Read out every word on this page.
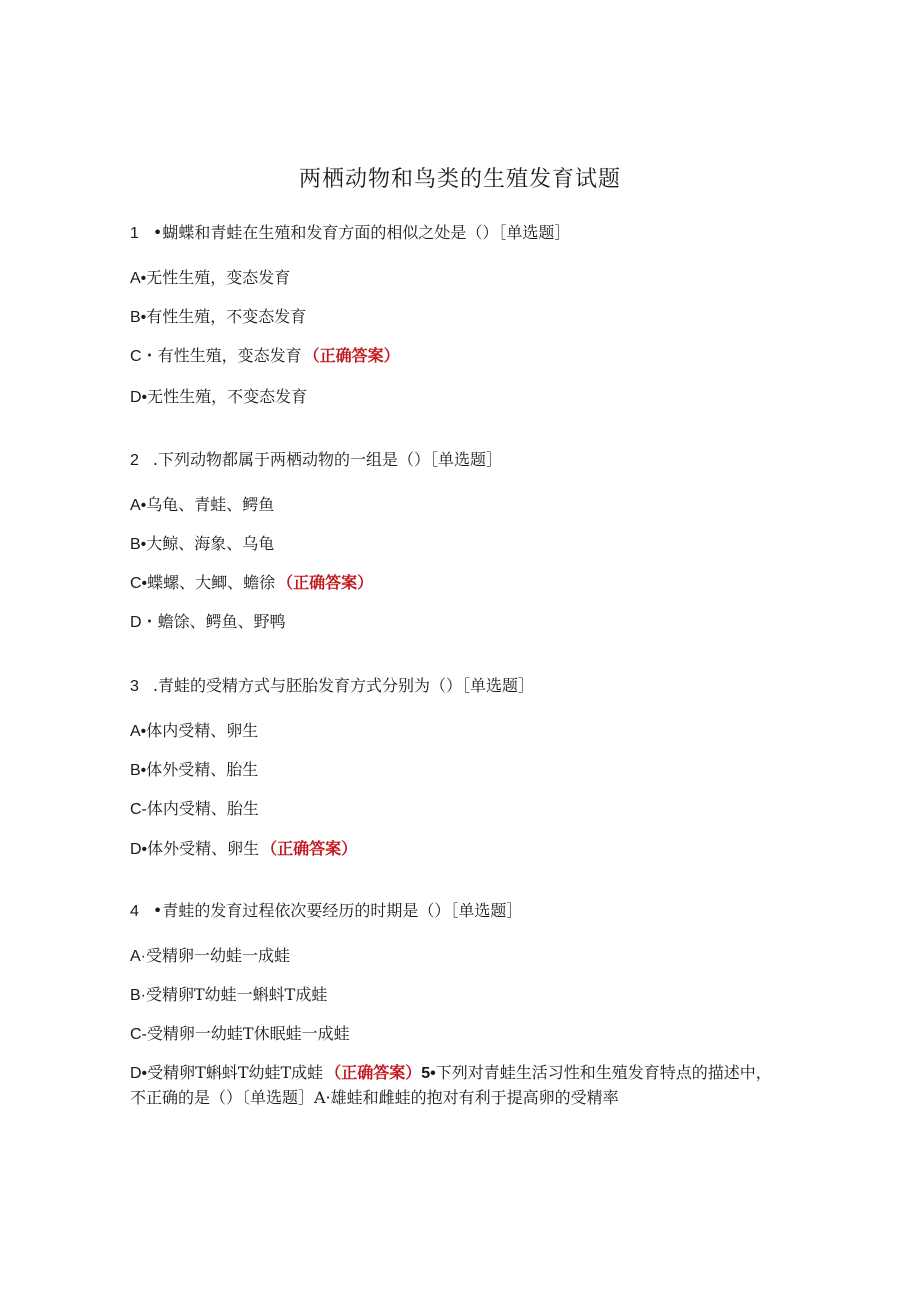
两栖动物和鸟类的生殖发育试题
1 •蝴蝶和青蛙在生殖和发育方面的相似之处是（）［单选题］
A•无性生殖，变态发育
B•有性生殖，不变态发育
C・有性生殖，变态发育 （正确答案）
D•无性生殖，不变态发育
2 .下列动物都属于两栖动物的一组是（）［单选题］
A•乌龟、青蛙、鳄鱼
B•大鲸、海象、乌龟
C•蝶螺、大鲫、蟾徐 （正确答案）
D・蟾馀、鳄鱼、野鸭
3 .青蛙的受精方式与胚胎发育方式分别为（）［单选题］
A•体内受精、卵生
B•体外受精、胎生
C-体内受精、胎生
D•体外受精、卵生 （正确答案）
4 •青蛙的发育过程依次要经历的时期是（）［单选题］
A·受精卵一幼蛙一成蛙
B·受精卵T幼蛙一蝌蚪T成蛙
C-受精卵一幼蛙T休眠蛙一成蛙
D•受精卵T蝌蚪T幼蛙T成蛙 （正确答案）5•下列对青蛙生活习性和生殖发育特点的描述中，不正确的是（）〔单选题］A·雄蛙和雌蛙的抱对有利于提高卵的受精率
